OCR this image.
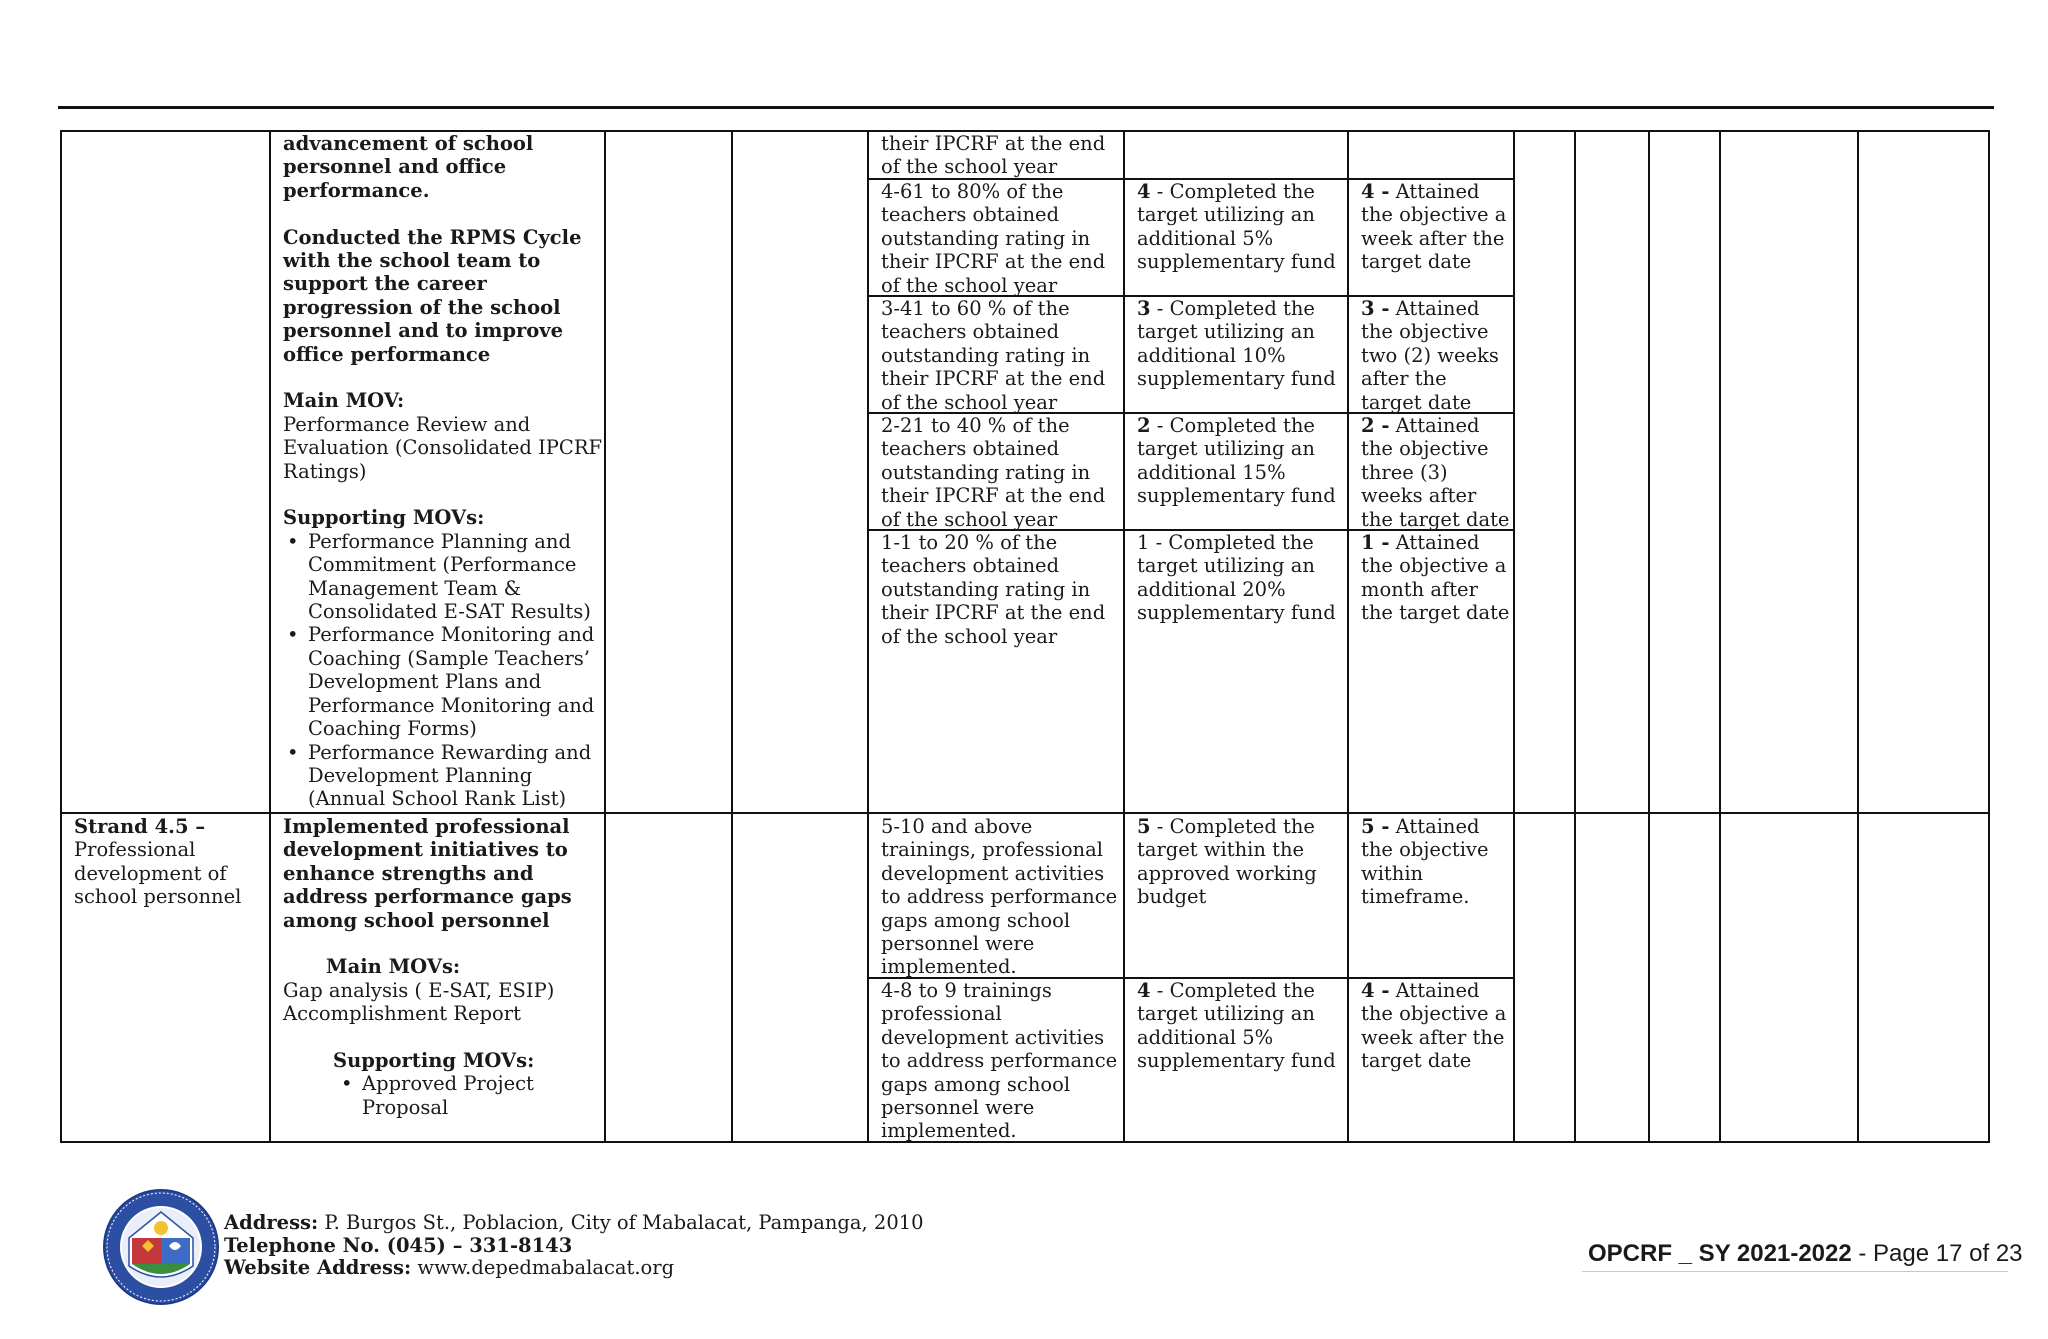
advancement of school
personnel and office
performance.
Conducted the RPMS Cycle
with the school team to
support the career
progression of the school
personnel and to improve
office performance
Main MOV:
Performance Review and
Evaluation (Consolidated IPCRF
Ratings)
Supporting MOVs:
• Performance Planning and
Commitment (Performance
Management Team &
Consolidated E-SAT Results)
• Performance Monitoring and
Coaching (Sample Teachers’
Development Plans and
Performance Monitoring and
Coaching Forms)
• Performance Rewarding and
Development Planning
(Annual School Rank List)
their IPCRF at the end
of the school year
4-61 to 80% of the
teachers obtained
outstanding rating in
their IPCRF at the end
of the school year
3-41 to 60 % of the
teachers obtained
outstanding rating in
their IPCRF at the end
of the school year
2-21 to 40 % of the
teachers obtained
outstanding rating in
their IPCRF at the end
of the school year
1-1 to 20 % of the
teachers obtained
outstanding rating in
their IPCRF at the end
of the school year
4 - Completed the
target utilizing an
additional 5%
supplementary fund
3 - Completed the
target utilizing an
additional 10%
supplementary fund
2 - Completed the
target utilizing an
additional 15%
supplementary fund
1 - Completed the
target utilizing an
additional 20%
supplementary fund
4 - Attained
the objective a
week after the
target date
3 - Attained
the objective
two (2) weeks
after the
target date
2 - Attained
the objective
three (3)
weeks after
the target date
1 - Attained
the objective a
month after
the target date
Strand 4.5 –
Professional
development of
school personnel
Implemented professional
development initiatives to
enhance strengths and
address performance gaps
among school personnel
Main MOVs:
Gap analysis ( E-SAT, ESIP)
Accomplishment Report
Supporting MOVs:
• Approved Project
Proposal
5-10 and above
trainings, professional
development activities
to address performance
gaps among school
personnel were
implemented.
4-8 to 9 trainings
professional
development activities
to address performance
gaps among school
personnel were
implemented.
5 - Completed the
target within the
approved working
budget
4 - Completed the
target utilizing an
additional 5%
supplementary fund
5 - Attained
the objective
within
timeframe.
4 - Attained
the objective a
week after the
target date
Address: P. Burgos St., Poblacion, City of Mabalacat, Pampanga, 2010
Telephone No. (045) – 331-8143
Website Address: www.depedmabalacat.org
OPCRF _ SY 2021-2022 - Page 17 of 23
